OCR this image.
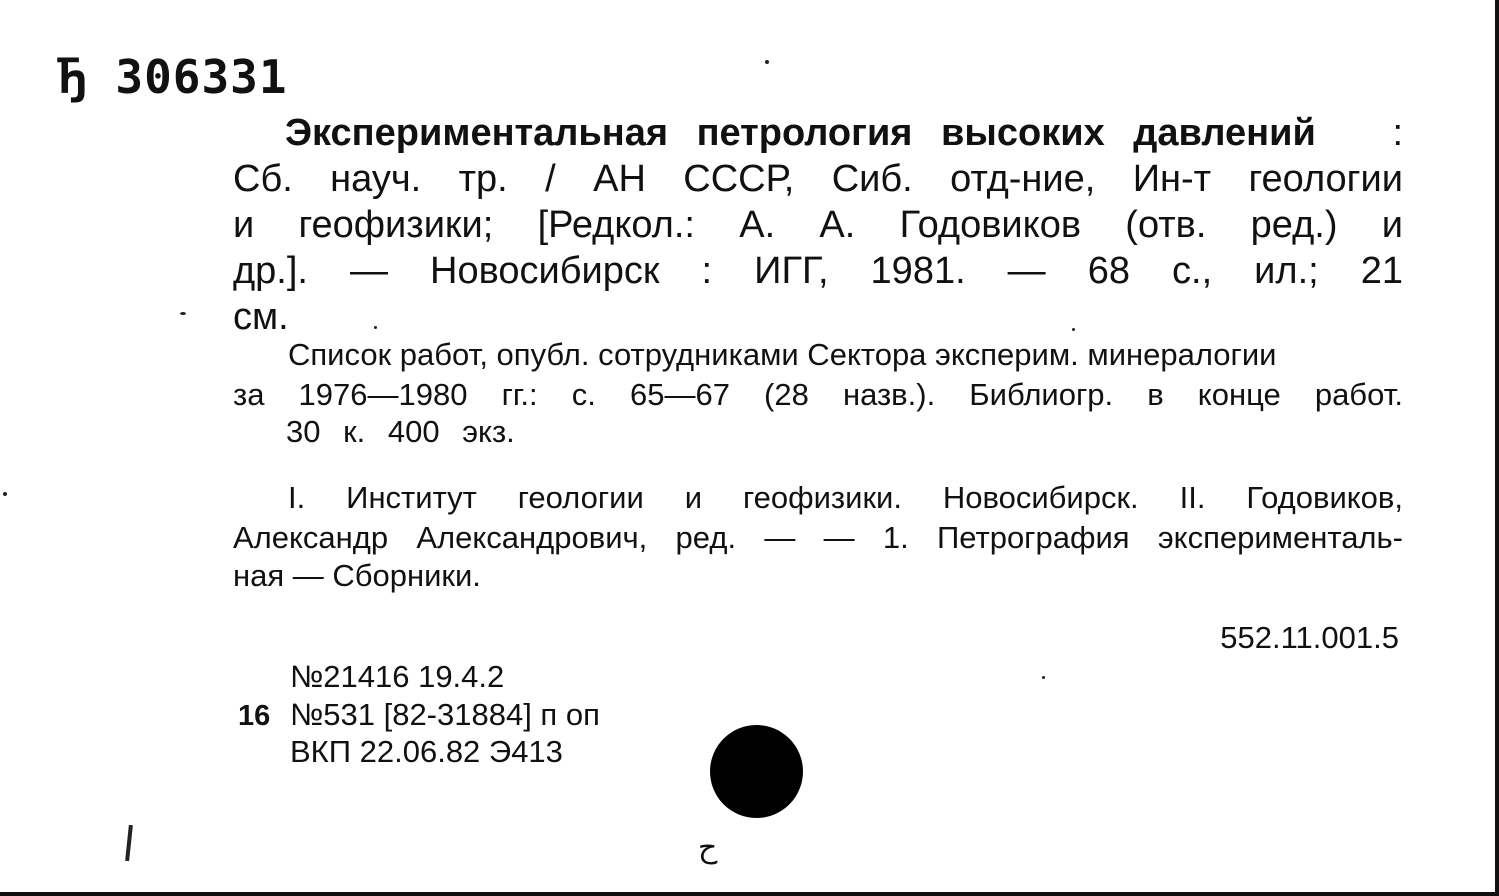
Ђ 306331
Экспериментальная петрология высоких давлений :
Сб. науч. тр. / АН СССР, Сиб. отд-ние, Ин-т геологии
и геофизики; [Редкол.: А. А. Годовиков (отв. ред.) и
др.]. — Новосибирск : ИГГ, 1981. — 68 с., ил.; 21
см.
Список работ, опубл. сотрудниками Сектора эксперим. минералогии
за 1976—1980 гг.: с. 65—67 (28 назв.). Библиогр. в конце работ.
30 к. 400 экз.
I. Институт геологии и геофизики. Новосибирск. II. Годовиков,
Александр Александрович, ред. — — 1. Петрография эксперименталь-
ная — Сборники.
552.11.001.5
№21416 19.4.2
16 №531 [82-31884] п оп
ВКП 22.06.82 Э413
ح
